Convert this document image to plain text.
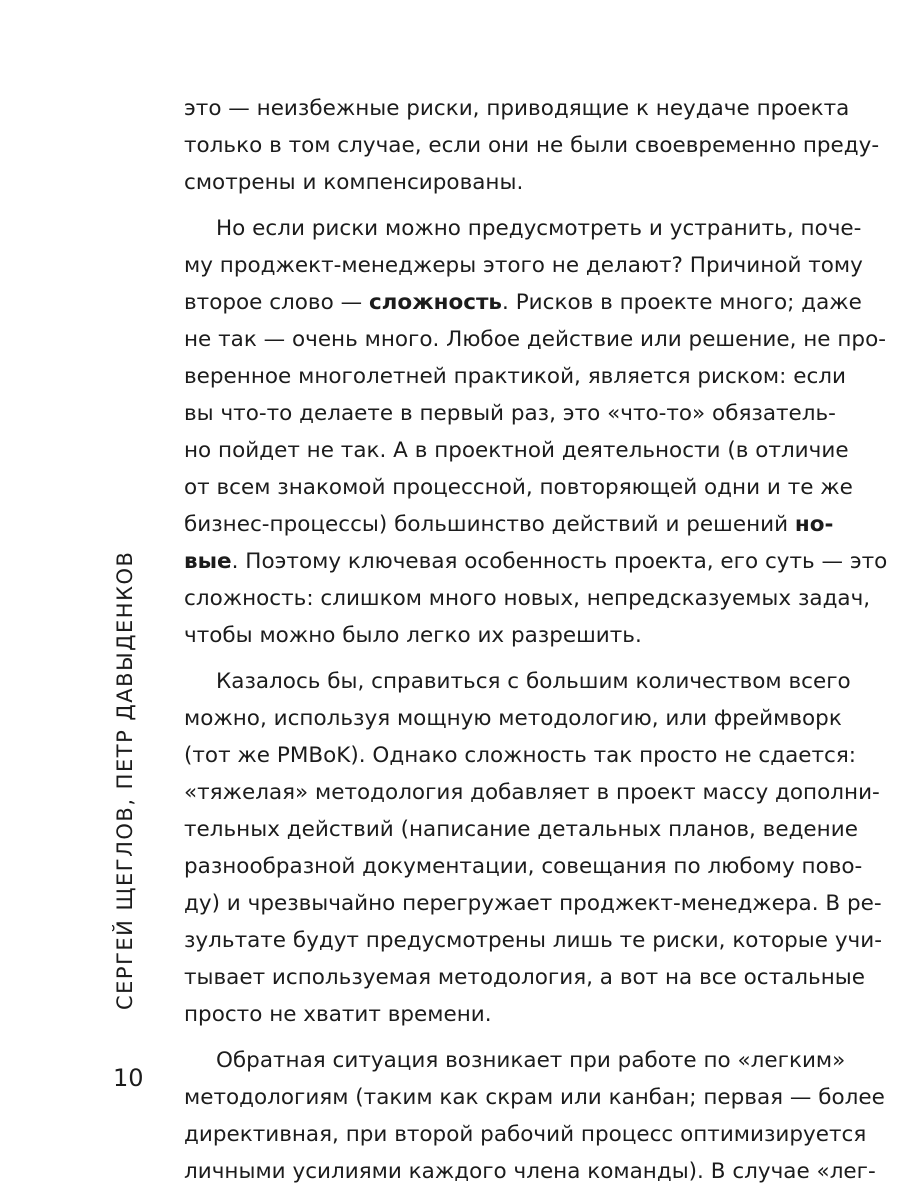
это — неизбежные риски, приводящие к неудаче проекта
только в том случае, если они не были своевременно преду-
смотрены и компенсированы.
Но если риски можно предусмотреть и устранить, поче-
му проджект-менеджеры этого не делают? Причиной тому
второе слово — сложность. Рисков в проекте много; даже
не так — очень много. Любое действие или решение, не про-
веренное многолетней практикой, является риском: если
вы что-то делаете в первый раз, это «что-то» обязатель-
но пойдет не так. А в проектной деятельности (в отличие
от всем знакомой процессной, повторяющей одни и те же
бизнес-процессы) большинство действий и решений но-
вые. Поэтому ключевая особенность проекта, его суть — это
сложность: слишком много новых, непредсказуемых задач,
чтобы можно было легко их разрешить.
Казалось бы, справиться с большим количеством всего
можно, используя мощную методологию, или фреймворк
(тот же PMBoK). Однако сложность так просто не сдается:
«тяжелая» методология добавляет в проект массу дополни-
тельных действий (написание детальных планов, ведение
разнообразной документации, совещания по любому пово-
ду) и чрезвычайно перегружает проджект-менеджера. В ре-
зультате будут предусмотрены лишь те риски, которые учи-
тывает используемая методология, а вот на все остальные
просто не хватит времени.
Обратная ситуация возникает при работе по «легким»
методологиям (таким как скрам или канбан; первая — более
директивная, при второй рабочий процесс оптимизируется
личными усилиями каждого члена команды). В случае «лег-
СЕРГЕЙ ЩЕГЛОВ, ПЕТР ДАВЫДЕНКОВ
10
